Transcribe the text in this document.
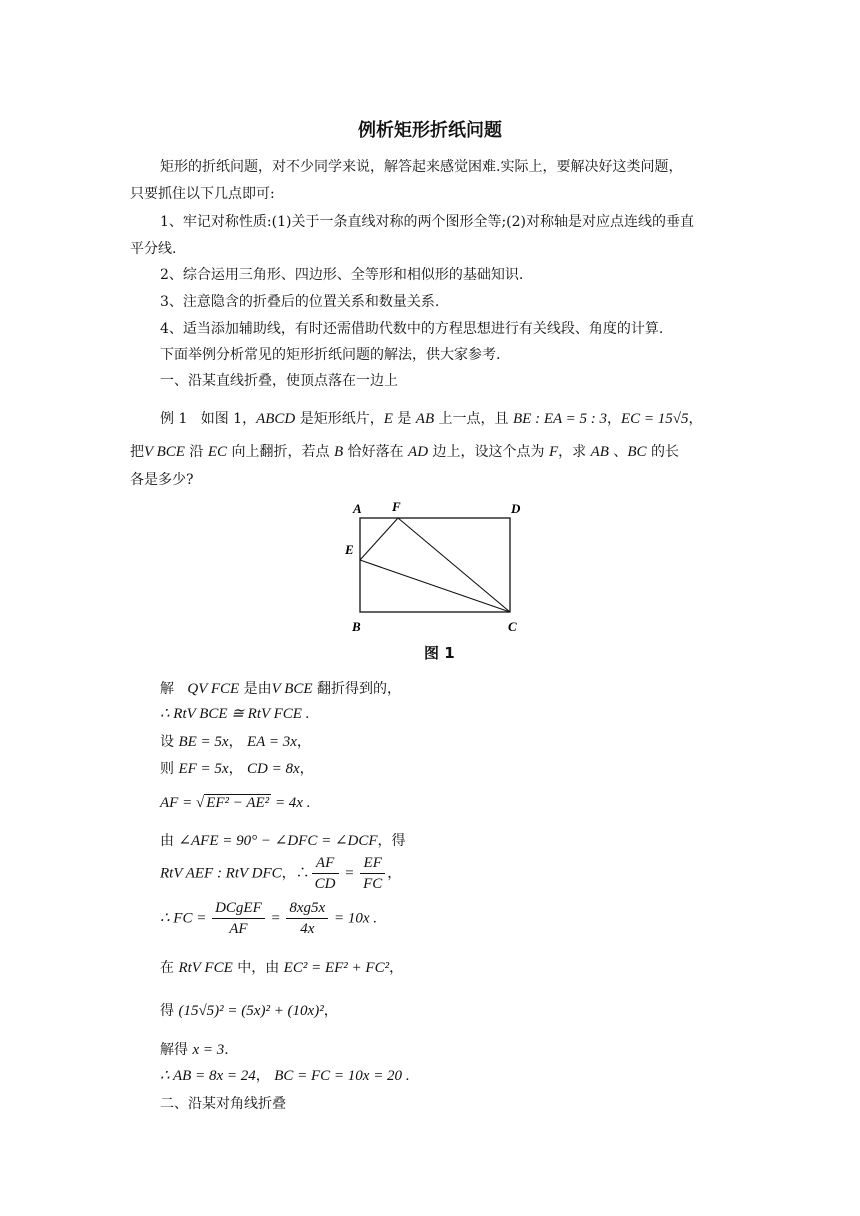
例析矩形折纸问题
矩形的折纸问题，对不少同学来说，解答起来感觉困难.实际上，要解决好这类问题，
只要抓住以下几点即可:
1、牢记对称性质:(1)关于一条直线对称的两个图形全等;(2)对称轴是对应点连线的垂直
平分线.
2、综合运用三角形、四边形、全等形和相似形的基础知识.
3、注意隐含的折叠后的位置关系和数量关系.
4、适当添加辅助线，有时还需借助代数中的方程思想进行有关线段、角度的计算.
下面举例分析常见的矩形折纸问题的解法，供大家参考.
一、沿某直线折叠，使顶点落在一边上
例 1 如图 1，ABCD 是矩形纸片，E 是 AB 上一点，且 BE : EA = 5 : 3，EC = 15√5，
把V BCE 沿 EC 向上翻折，若点 B 恰好落在 AD 边上，设这个点为 F，求 AB 、BC 的长
各是多少?
A F	D
E
B	C
图 1
解 QV FCE 是由V BCE 翻折得到的，
∴ RtV BCE ≅ RtV FCE .
设 BE = 5x， EA = 3x，
则 EF = 5x， CD = 8x，
AF = √ EF² − AE² = 4x .
由 ∠AFE = 90° − ∠DFC = ∠DCF，得
RtV AEF : RtV DFC，∴ $\frac{AF}{CD} = \frac{EF}{FC}$ ，
∴ FC = $\frac{\text{DCgEF}}{AF} = \frac{8xg5x}{4x} = 10x$ .
在 RtV FCE 中，由 EC² = EF² + FC²，
得 (15√5)² = (5x)² + (10x)²，
解得 x = 3.
∴ AB = 8x = 24， BC = FC = 10x = 20 .
二、沿某对角线折叠
